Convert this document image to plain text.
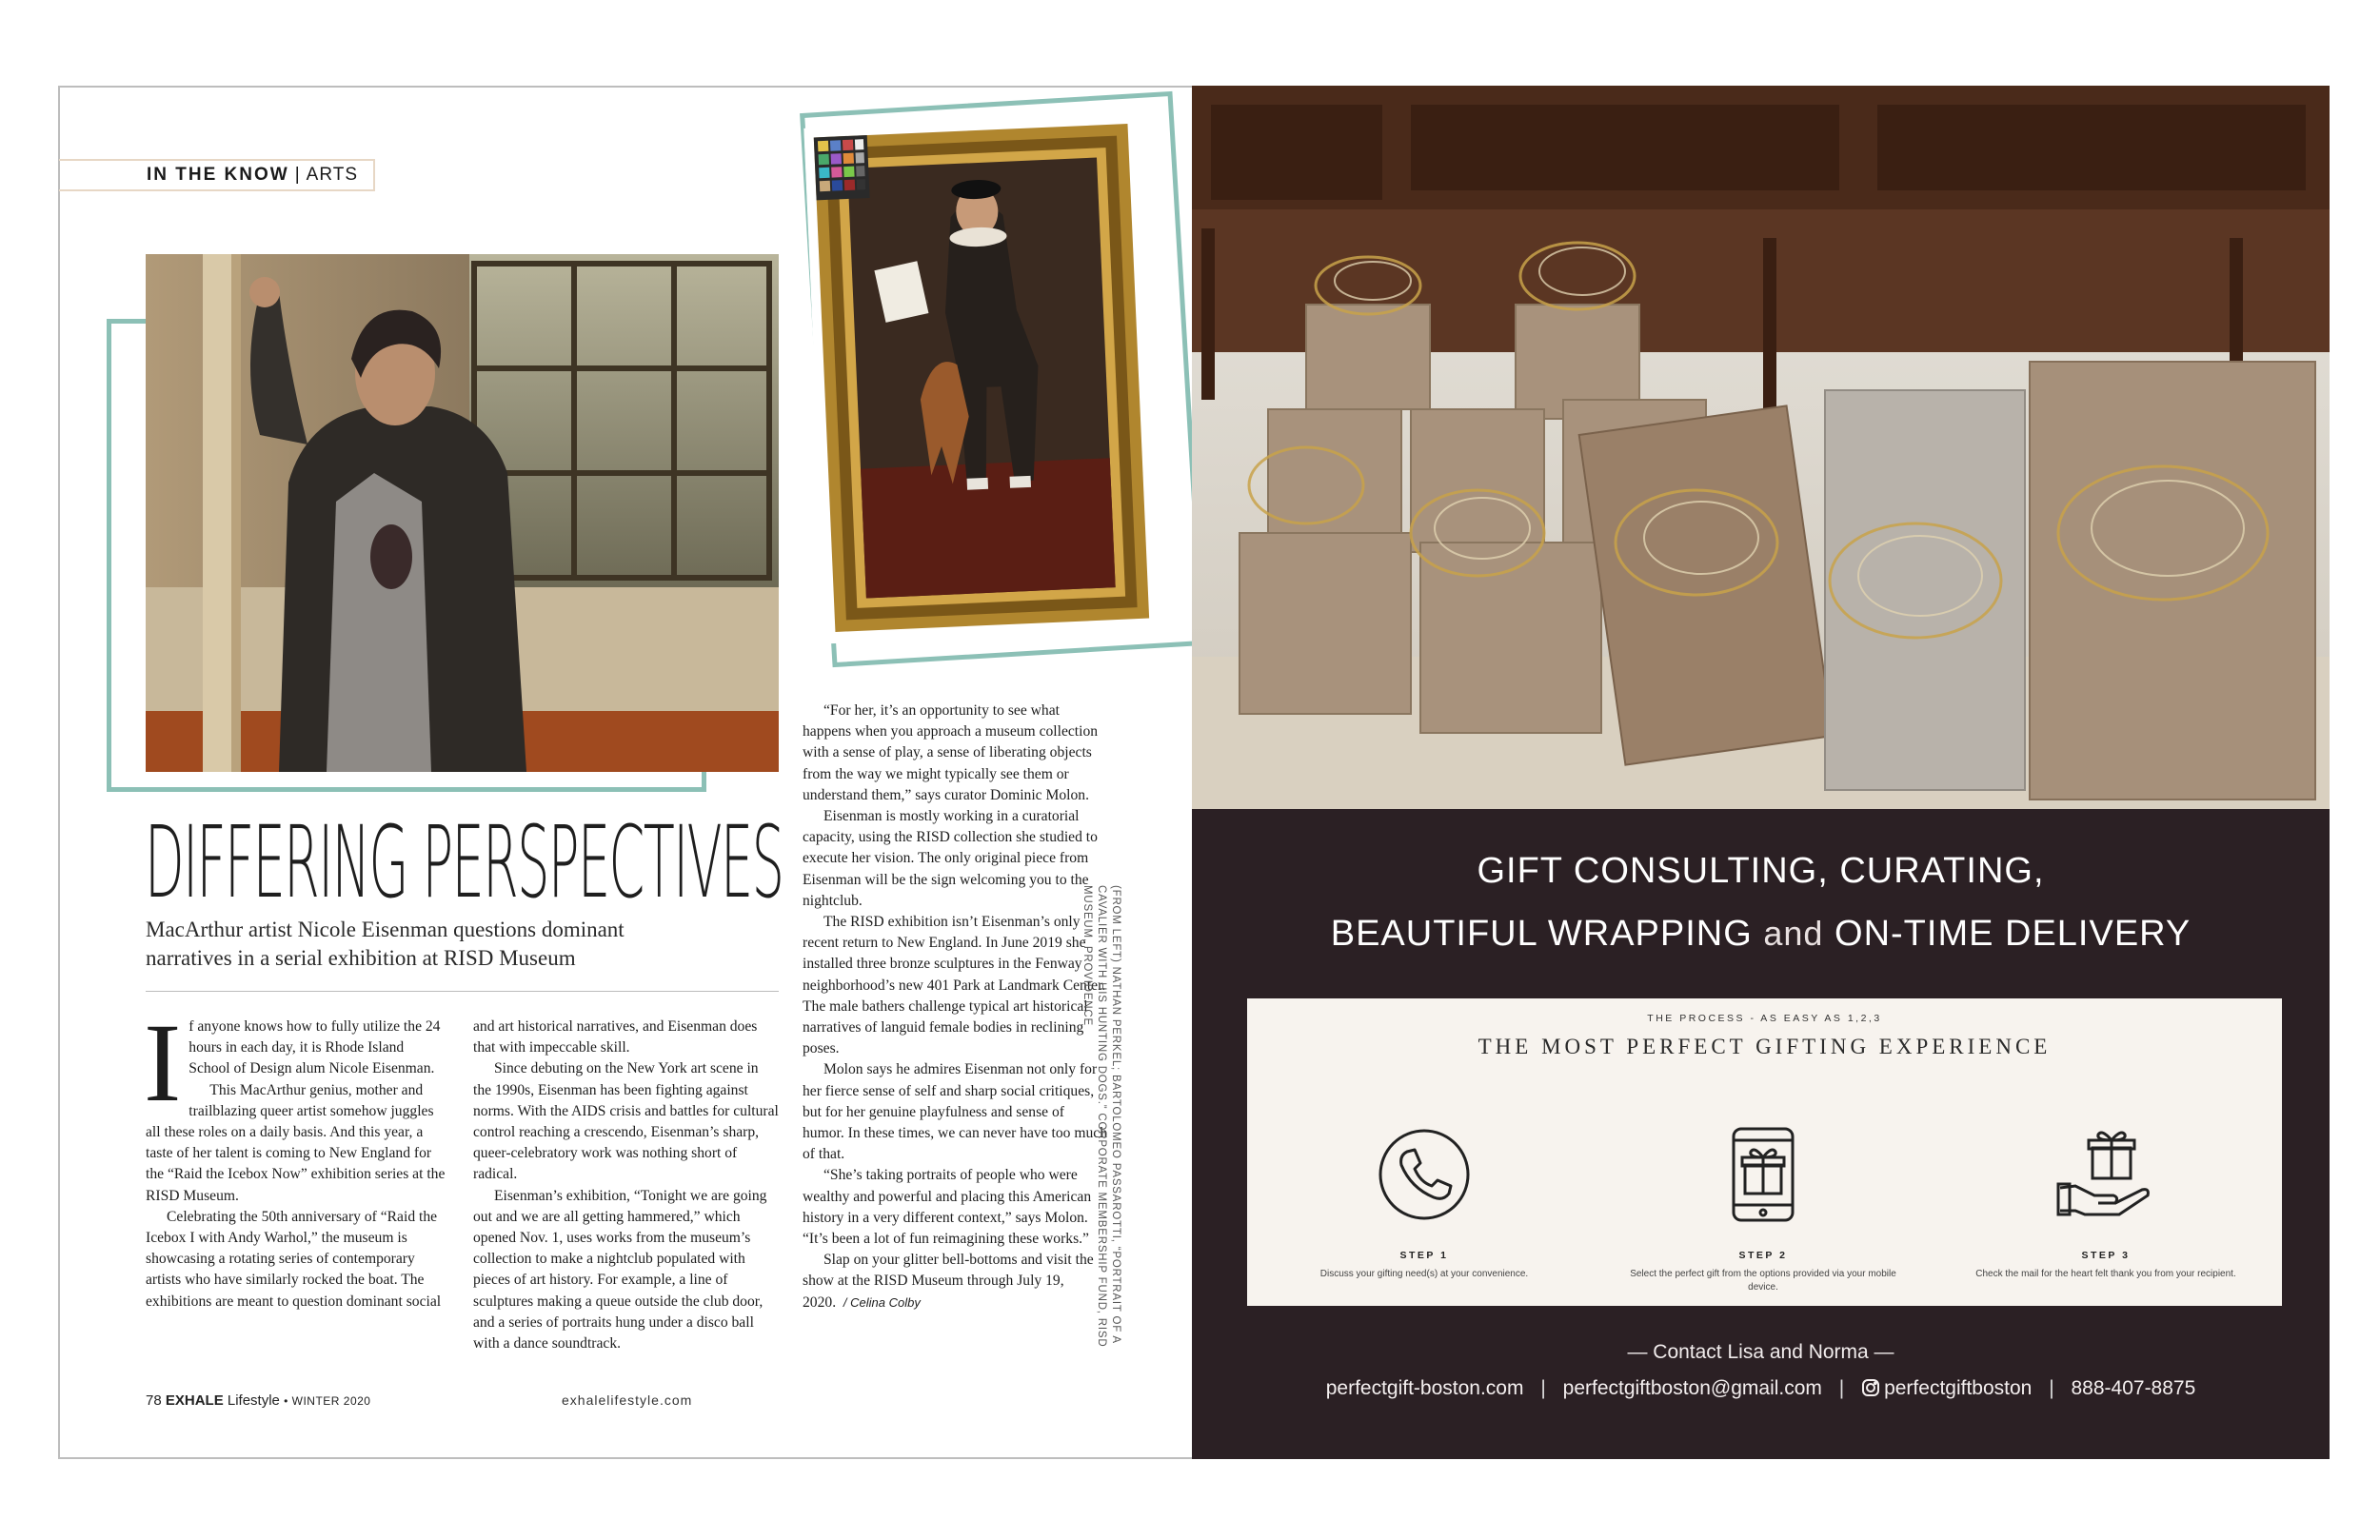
IN THE KNOW | ARTS
DIFFERING PERSPECTIVES
MacArthur artist Nicole Eisenman questions dominant narratives in a serial exhibition at RISD Museum

If anyone knows how to fully utilize the 24 hours in each day, it is Rhode Island School of Design alum Nicole Eisenman.

This MacArthur genius, mother and trailblazing queer artist somehow juggles all these roles on a daily basis. And this year, a taste of her talent is coming to New England for the “Raid the Icebox Now” exhibition series at the RISD Museum.

Celebrating the 50th anniversary of “Raid the Icebox I with Andy Warhol,” the museum is showcasing a rotating series of contemporary artists who have similarly rocked the boat. The exhibitions are meant to question dominant social

and art historical narratives, and Eisenman does that with impeccable skill.

Since debuting on the New York art scene in the 1990s, Eisenman has been fighting against norms. With the AIDS crisis and battles for cultural control reaching a crescendo, Eisenman’s sharp, queer-celebratory work was nothing short of radical.

Eisenman’s exhibition, “Tonight we are going out and we are all getting hammered,” which opened Nov. 1, uses works from the museum’s collection to make a nightclub populated with pieces of art history. For example, a line of sculptures making a queue outside the club door, and a series of portraits hung under a disco ball with a dance soundtrack.

“For her, it’s an opportunity to see what happens when you approach a museum collection with a sense of play, a sense of liberating objects from the way we might typically see them or understand them,” says curator Dominic Molon.

Eisenman is mostly working in a curatorial capacity, using the RISD collection she studied to execute her vision. The only original piece from Eisenman will be the sign welcoming you to the nightclub.

The RISD exhibition isn’t Eisenman’s only recent return to New England. In June 2019 she installed three bronze sculptures in the Fenway neighborhood’s new 401 Park at Landmark Center. The male bathers challenge typical art historical narratives of languid female bodies in reclining poses.

Molon says he admires Eisenman not only for her fierce sense of self and sharp social critiques, but for her genuine playfulness and sense of humor. In these times, we can never have too much of that.

“She’s taking portraits of people who were wealthy and powerful and placing this American history in a very different context,” says Molon. “It’s been a lot of fun reimagining these works.”

Slap on your glitter bell-bottoms and visit the show at the RISD Museum through July 19, 2020. / Celina Colby

78 EXHALE Lifestyle • WINTER 2020	exhalelifestyle.com
(FROM LEFT) NATHAN PERKEL; BARTOLOMEO PASSAROTTI, “PORTRAIT OF A CAVALIER WITH HIS HUNTING DOGS.” CORPORATE MEMBERSHIP FUND, RISD MUSEUM, PROVIDENCE
GIFT CONSULTING, CURATING,
BEAUTIFUL WRAPPING and ON-TIME DELIVERY
THE PROCESS - AS EASY AS 1,2,3
THE MOST PERFECT GIFTING EXPERIENCE
STEP 1
Discuss your gifting need(s) at your convenience.
STEP 2
Select the perfect gift from the options provided via your mobile device.
STEP 3
Check the mail for the heart felt thank you from your recipient.
— Contact Lisa and Norma —
perfectgift-boston.com | perfectgiftboston@gmail.com | perfectgiftboston | 888-407-8875
